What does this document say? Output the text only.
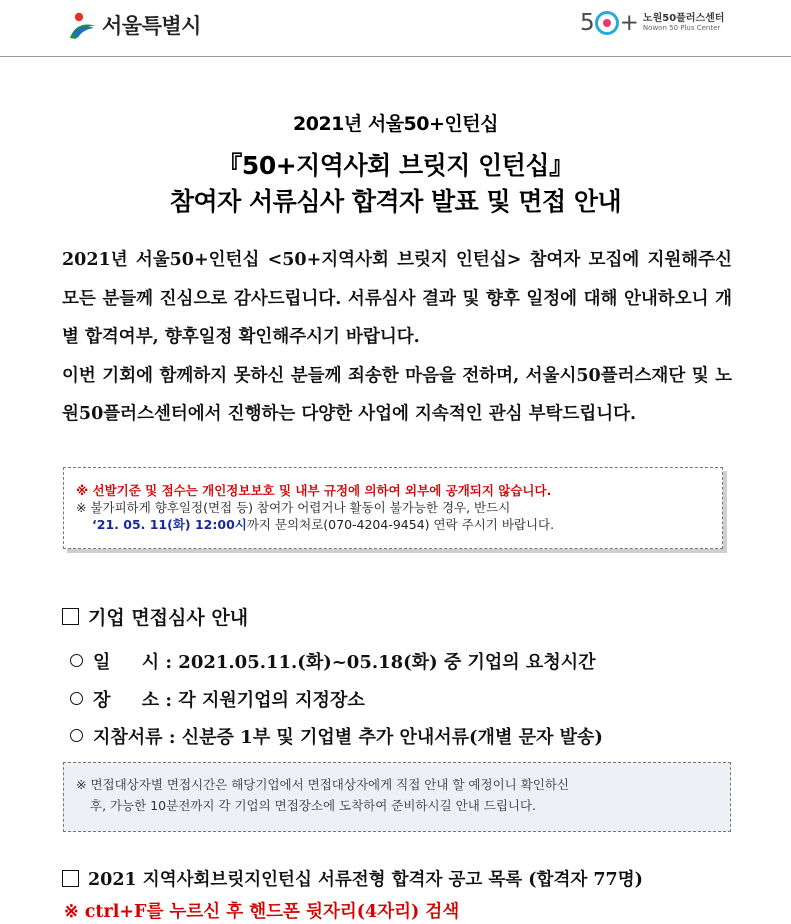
서울특별시	5 + 노원50플러스센터
Nowon 50 Plus Center
2021년 서울50+인턴십
『50+지역사회 브릿지 인턴십』
참여자 서류심사 합격자 발표 및 면접 안내

2021년 서울50+인턴십 <50+지역사회 브릿지 인턴십> 참여자 모집에 지원해주신 모든 분들께 진심으로 감사드립니다. 서류심사 결과 및 향후 일정에 대해 안내하오니 개별 합격여부, 향후일정 확인해주시기 바랍니다.

이번 기회에 함께하지 못하신 분들께 죄송한 마음을 전하며, 서울시50플러스재단 및 노원50플러스센터에서 진행하는 다양한 사업에 지속적인 관심 부탁드립니다.

※ 선발기준 및 점수는 개인정보보호 및 내부 규정에 의하여 외부에 공개되지 않습니다.
※ 불가피하게 향후일정(면접 등) 참여가 어렵거나 활동이 불가능한 경우, 반드시
‘21. 05. 11(화) 12:00시까지 문의처로(070-4204-9454) 연락 주시기 바랍니다.
기업 면접심사 안내
일     시 : 2021.05.11.(화)~05.18(화) 중 기업의 요청시간
장     소 : 각 지원기업의 지정장소
지참서류 : 신분증 1부 및 기업별 추가 안내서류(개별 문자 발송)
※ 면접대상자별 면접시간은 해당기업에서 면접대상자에게 직접 안내 할 예정이니 확인하신
후, 가능한 10분전까지 각 기업의 면접장소에 도착하여 준비하시길 안내 드립니다.
2021 지역사회브릿지인턴십 서류전형 합격자 공고 목록 (합격자 77명)
※ ctrl+F를 누르신 후 핸드폰 뒷자리(4자리) 검색
